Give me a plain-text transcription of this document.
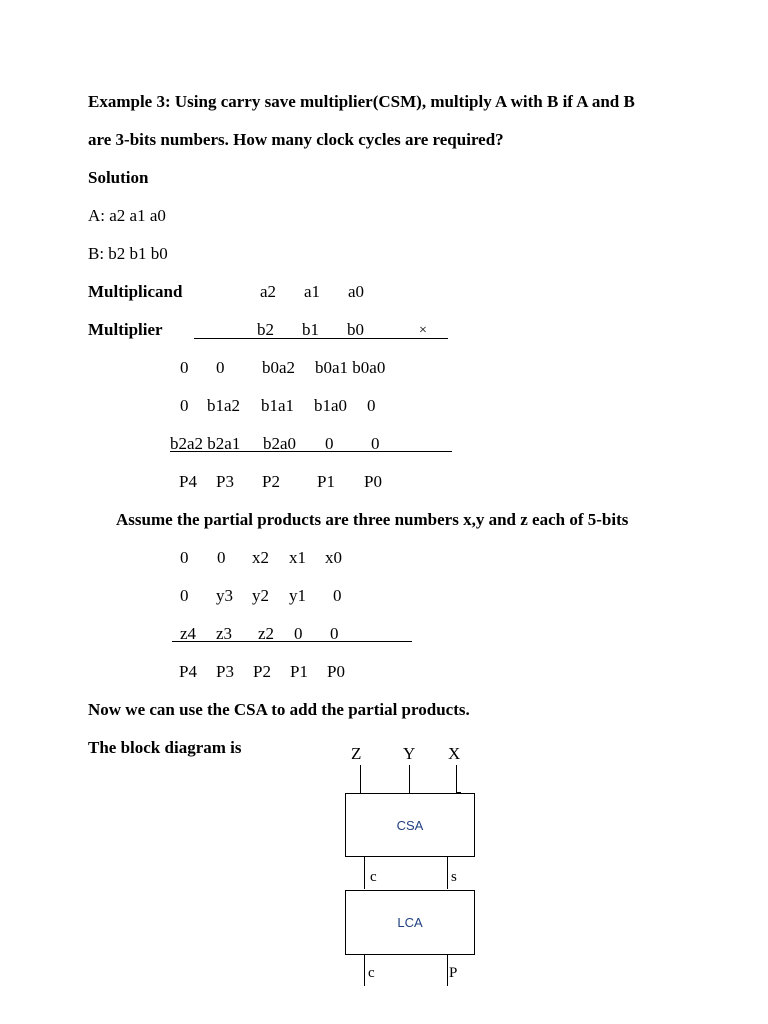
Example 3: Using carry save multiplier(CSM), multiply A with B if A and B
are 3-bits numbers. How many clock cycles are required?
Solution
A: a2 a1 a0
B: b2 b1 b0
Multiplicand	a2 a1 a0
Multiplier	b2 b1 b0	×
0 0 b0a2 b0a1 b0a0
0 b1a2 b1a1 b1a0 0
b2a2 b2a1 b2a0 0 0
P4 P3 P2 P1 P0
Assume the partial products are three numbers x,y and z each of 5-bits
0 0 x2 x1 x0
0 y3 y2 y1 0
z4 z3 z2 0 0
P4 P3 P2 P1 P0
Now we can use the CSA to add the partial products.
The block diagram is	Z Y X
CSA
c	s
LCA
c	P
